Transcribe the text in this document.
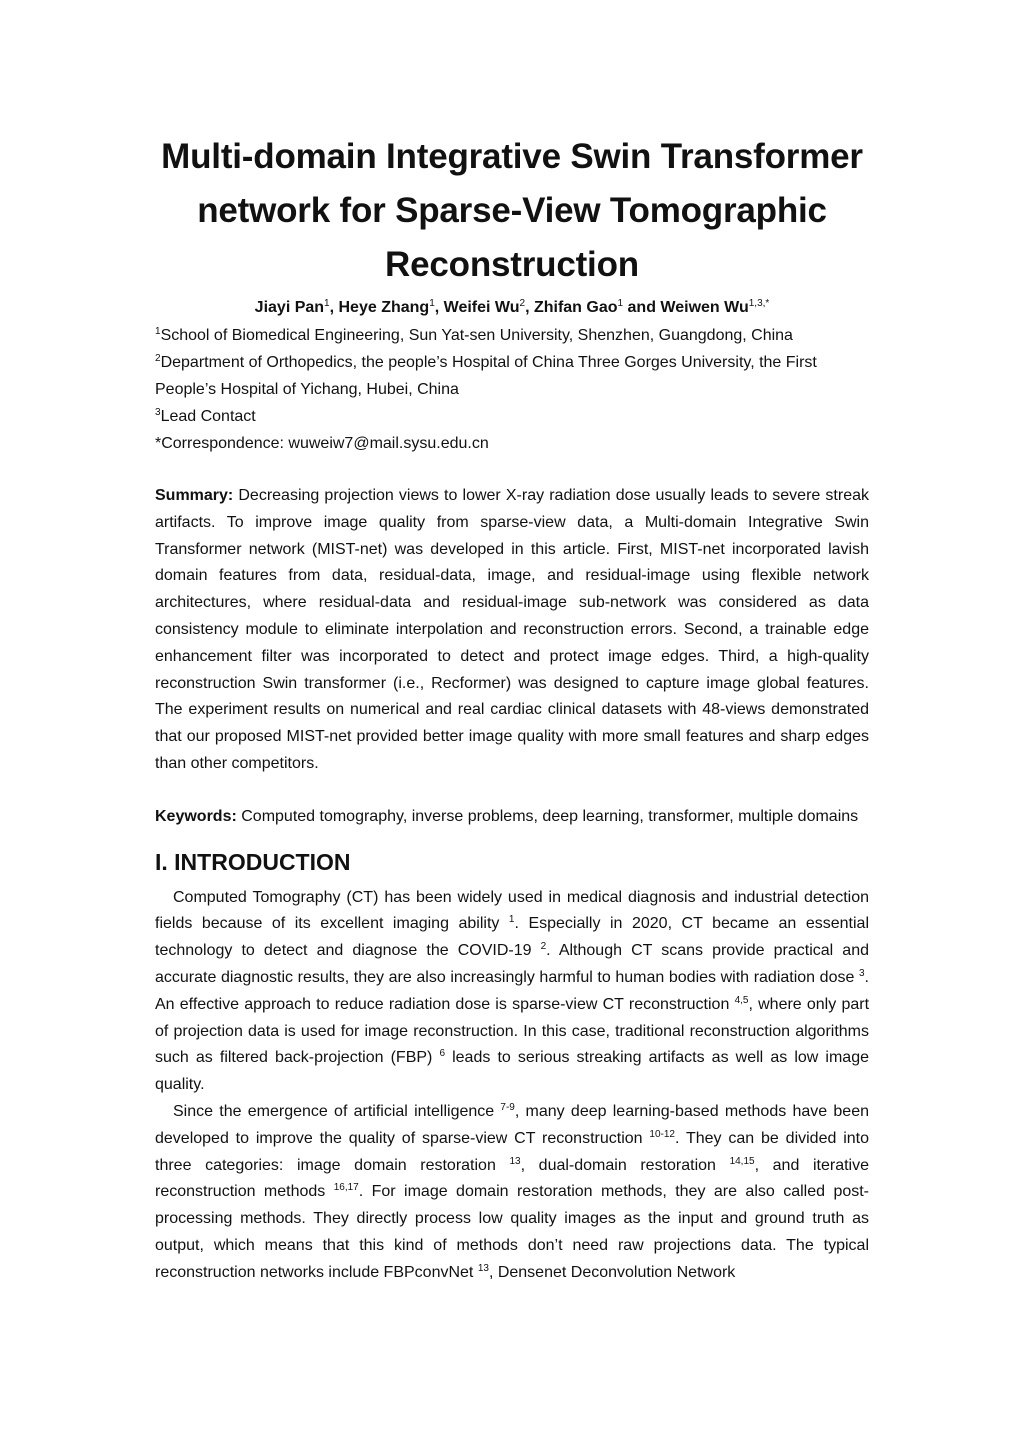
Multi-domain Integrative Swin Transformer
network for Sparse-View Tomographic
Reconstruction
Jiayi Pan$^1$, Heye Zhang$^1$, Weifei Wu$^2$, Zhifan Gao$^1$ and Weiwen $Wu^{1,3,*}$

$^1$School of Biomedical Engineering, Sun Yat-sen University, Shenzhen, Guangdong, China

$^2$Department of Orthopedics, the people’s Hospital of China Three Gorges University, the First People’s Hospital of Yichang, Hubei, China

$^3$Lead Contact

*Correspondence: wuweiw7@mail.sysu.edu.cn

Summary: Decreasing projection views to lower X-ray radiation dose usually leads to severe streak artifacts. To improve image quality from sparse-view data, a Multi-domain Integrative Swin Transformer network (MIST-net) was developed in this article. First, MIST-net incorporated lavish domain features from data, residual-data, image, and residual-image using flexible network architectures, where residual-data and residual-image sub-network was considered as data consistency module to eliminate interpolation and reconstruction errors. Second, a trainable edge enhancement filter was incorporated to detect and protect image edges. Third, a high-quality reconstruction Swin transformer (i.e., Recformer) was designed to capture image global features. The experiment results on numerical and real cardiac clinical datasets with 48-views demonstrated that our proposed MIST-net provided better image quality with more small features and sharp edges than other competitors.

Keywords: Computed tomography, inverse problems, deep learning, transformer, multiple domains

I. INTRODUCTION

Computed Tomography (CT) has been widely used in medical diagnosis and industrial detection fields because of its excellent imaging ability $^1$. Especially in 2020, CT became an essential technology to detect and diagnose the COVID-19 $^2$. Although CT scans provide practical and accurate diagnostic results, they are also increasingly harmful to human bodies with radiation dose $^3$. An effective approach to reduce radiation dose is sparse-view CT reconstruction $^{4,5}$, where only part of projection data is used for image reconstruction. In this case, traditional reconstruction algorithms such as filtered back-projection (FBP) $^6$ leads to serious streaking artifacts as well as low image quality.

Since the emergence of artificial intelligence $^{7-9}$, many deep learning-based methods have been developed to improve the quality of sparse-view CT reconstruction $^{10-12}$. They can be divided into three categories: image domain restoration $^{13}$, dual-domain restoration $^{14,15}$, and iterative reconstruction methods $^{16,17}$. For image domain restoration methods, they are also called post-processing methods. They directly process low quality images as the input and ground truth as output, which means that this kind of methods don’t need raw projections data. The typical reconstruction networks include FBPconvNet $^{13}$, Densenet Deconvolution Network
